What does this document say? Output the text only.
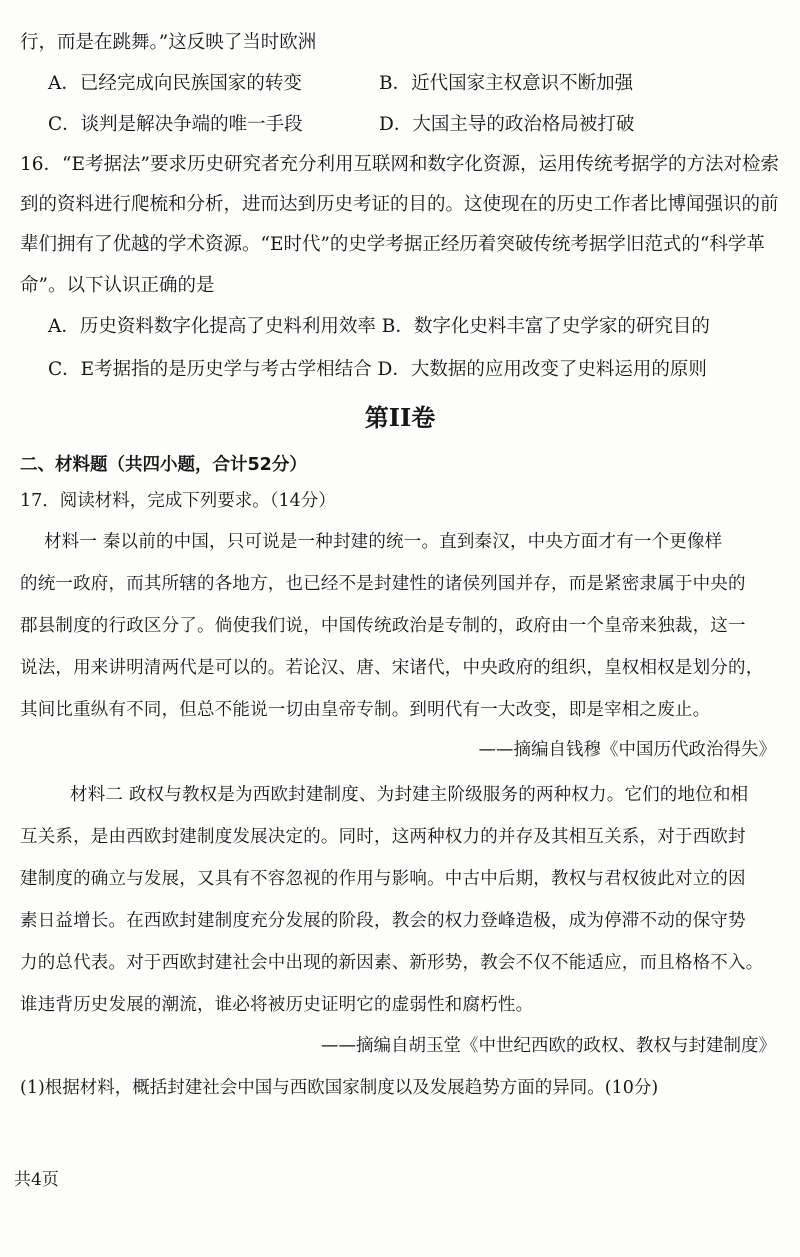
行，而是在跳舞。”这反映了当时欧洲
A．已经完成向民族国家的转变	B．近代国家主权意识不断加强
C．谈判是解决争端的唯一手段	D．大国主导的政治格局被打破
16．“E考据法”要求历史研究者充分利用互联网和数字化资源，运用传统考据学的方法对检索
到的资料进行爬梳和分析，进而达到历史考证的目的。这使现在的历史工作者比博闻强识的前
辈们拥有了优越的学术资源。“E时代”的史学考据正经历着突破传统考据学旧范式的“科学革
命”。以下认识正确的是
A．历史资料数字化提高了史料利用效率 B．数字化史料丰富了史学家的研究目的
C．E考据指的是历史学与考古学相结合 D．大数据的应用改变了史料运用的原则
第II卷
二、材料题（共四小题，合计52分）
17．阅读材料，完成下列要求。（14分）
材料一 秦以前的中国，只可说是一种封建的统一。直到秦汉，中央方面才有一个更像样
的统一政府，而其所辖的各地方，也已经不是封建性的诸侯列国并存，而是紧密隶属于中央的
郡县制度的行政区分了。倘使我们说，中国传统政治是专制的，政府由一个皇帝来独裁，这一
说法，用来讲明清两代是可以的。若论汉、唐、宋诸代，中央政府的组织，皇权相权是划分的，
其间比重纵有不同，但总不能说一切由皇帝专制。到明代有一大改变，即是宰相之废止。
——摘编自钱穆《中国历代政治得失》
材料二 政权与教权是为西欧封建制度、为封建主阶级服务的两种权力。它们的地位和相
互关系，是由西欧封建制度发展决定的。同时，这两种权力的并存及其相互关系，对于西欧封
建制度的确立与发展，又具有不容忽视的作用与影响。中古中后期，教权与君权彼此对立的因
素日益增长。在西欧封建制度充分发展的阶段，教会的权力登峰造极，成为停滞不动的保守势
力的总代表。对于西欧封建社会中出现的新因素、新形势，教会不仅不能适应，而且格格不入。
谁违背历史发展的潮流，谁必将被历史证明它的虚弱性和腐朽性。
——摘编自胡玉堂《中世纪西欧的政权、教权与封建制度》
(1)根据材料，概括封建社会中国与西欧国家制度以及发展趋势方面的异同。(10分)
共4页
